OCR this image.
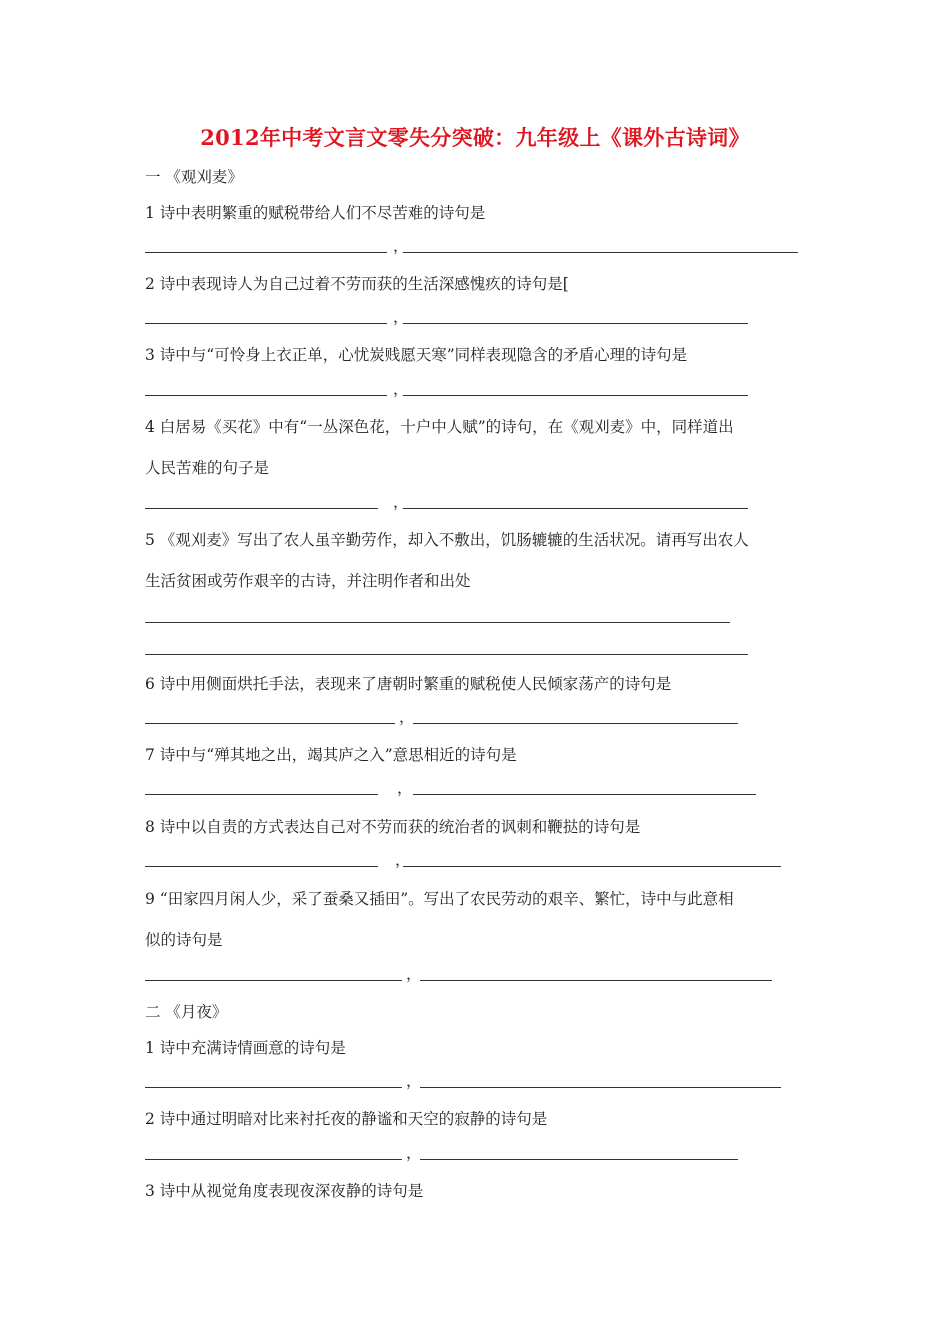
2012年中考文言文零失分突破：九年级上《课外古诗词》
一 《观刈麦》
1 诗中表明繁重的赋税带给人们不尽苦难的诗句是
，
2 诗中表现诗人为自己过着不劳而获的生活深感愧疚的诗句是[
，
3 诗中与“可怜身上衣正单，心忧炭贱愿天寒”同样表现隐含的矛盾心理的诗句是
，
4 白居易《买花》中有“一丛深色花，十户中人赋”的诗句，在《观刈麦》中，同样道出
人民苦难的句子是
，
5 《观刈麦》写出了农人虽辛勤劳作，却入不敷出，饥肠辘辘的生活状况。请再写出农人
生活贫困或劳作艰辛的古诗，并注明作者和出处
6 诗中用侧面烘托手法，表现来了唐朝时繁重的赋税使人民倾家荡产的诗句是
，
7 诗中与“殚其地之出，竭其庐之入”意思相近的诗句是
，
8 诗中以自责的方式表达自己对不劳而获的统治者的讽刺和鞭挞的诗句是
，
9 “田家四月闲人少，采了蚕桑又插田”。写出了农民劳动的艰辛、繁忙，诗中与此意相
似的诗句是
，
二 《月夜》
1 诗中充满诗情画意的诗句是
，
2 诗中通过明暗对比来衬托夜的静谧和天空的寂静的诗句是
，
3 诗中从视觉角度表现夜深夜静的诗句是
